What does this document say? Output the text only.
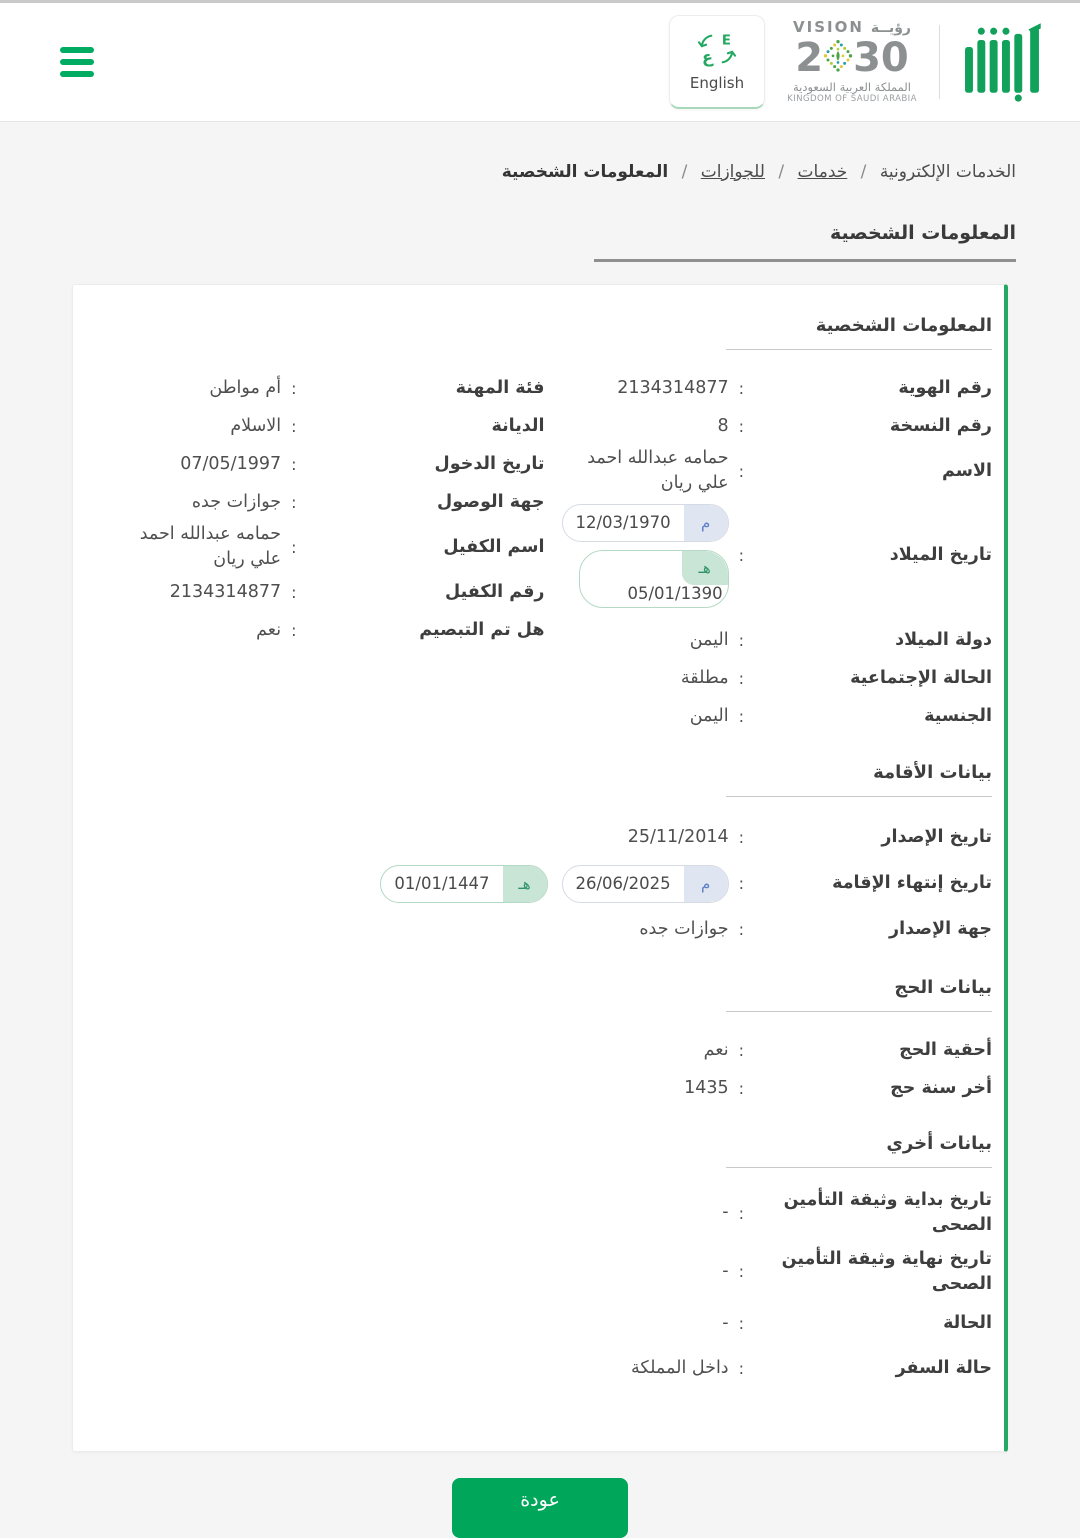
VISION رؤيــة
2 30
المملكة العربية السعودية
KINGDOM OF SAUDI ARABIA
E
ع
English
الخدمات الإلكترونية / خدمات / للجوازات / المعلومات الشخصية
المعلومات الشخصية
المعلومات الشخصية
رقم الهوية
:
2134314877
رقم النسخة
:
8
الاسم
:
حمامه عبدالله احمد علي ريان
تاريخ الميلاد
:
م
12/03/1970
هـ
05/01/1390
دولة الميلاد
:
اليمن
الحالة الإجتماعية
:
مطلقة
الجنسية
:
اليمن
فئة المهنة
:
أم مواطن
الديانة
:
الاسلام
تاريخ الدخول
:
07/05/1997
جهة الوصول
:
جوازات جده
اسم الكفيل
:
حمامه عبدالله احمد علي ريان
رقم الكفيل
:
2134314877
هل تم التبصيم
:
نعم
بيانات الأقامة
تاريخ الإصدار
:
25/11/2014
تاريخ إنتهاء الإقامة
:
م
26/06/2025
هـ
01/01/1447
جهة الإصدار
:
جوازات جده
بيانات الحج
أحقية الحج
:
نعم
أخر سنة حج
:
1435
بيانات أخري
تاريخ بداية وثيقة التأمين الصحى
:
-
تاريخ نهاية وثيقة التأمين الصحى
:
-
الحالة
:
-
حالة السفر
:
داخل المملكة
عودة
